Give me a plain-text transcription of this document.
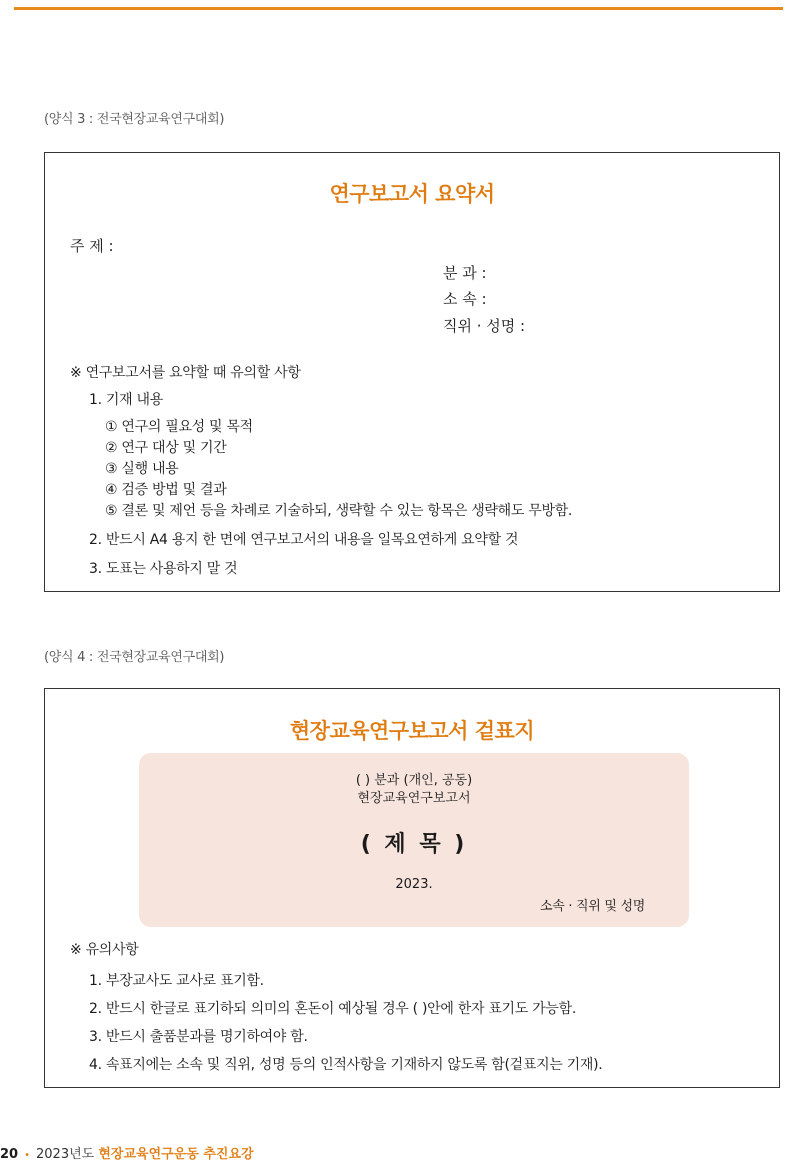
(양식 3 : 전국현장교육연구대회)
연구보고서 요약서
주 제 :
분 과 :
소 속 :
직위 · 성명 :
※ 연구보고서를 요약할 때 유의할 사항
1. 기재 내용
① 연구의 필요성 및 목적
② 연구 대상 및 기간
③ 실행 내용
④ 검증 방법 및 결과
⑤ 결론 및 제언 등을 차례로 기술하되, 생략할 수 있는 항목은 생략해도 무방함.
2. 반드시 A4 용지 한 면에 연구보고서의 내용을 일목요연하게 요약할 것
3. 도표는 사용하지 말 것
(양식 4 : 전국현장교육연구대회)
현장교육연구보고서 겉표지
( ) 분과 (개인, 공동)
현장교육연구보고서
( 제 목 )
2023.
소속 · 직위 및 성명
※ 유의사항
1. 부장교사도 교사로 표기함.
2. 반드시 한글로 표기하되 의미의 혼돈이 예상될 경우 ( )안에 한자 표기도 가능함.
3. 반드시 출품분과를 명기하여야 함.
4. 속표지에는 소속 및 직위, 성명 등의 인적사항을 기재하지 않도록 함(겉표지는 기재).
20 • 2023년도 현장교육연구운동 추진요강
